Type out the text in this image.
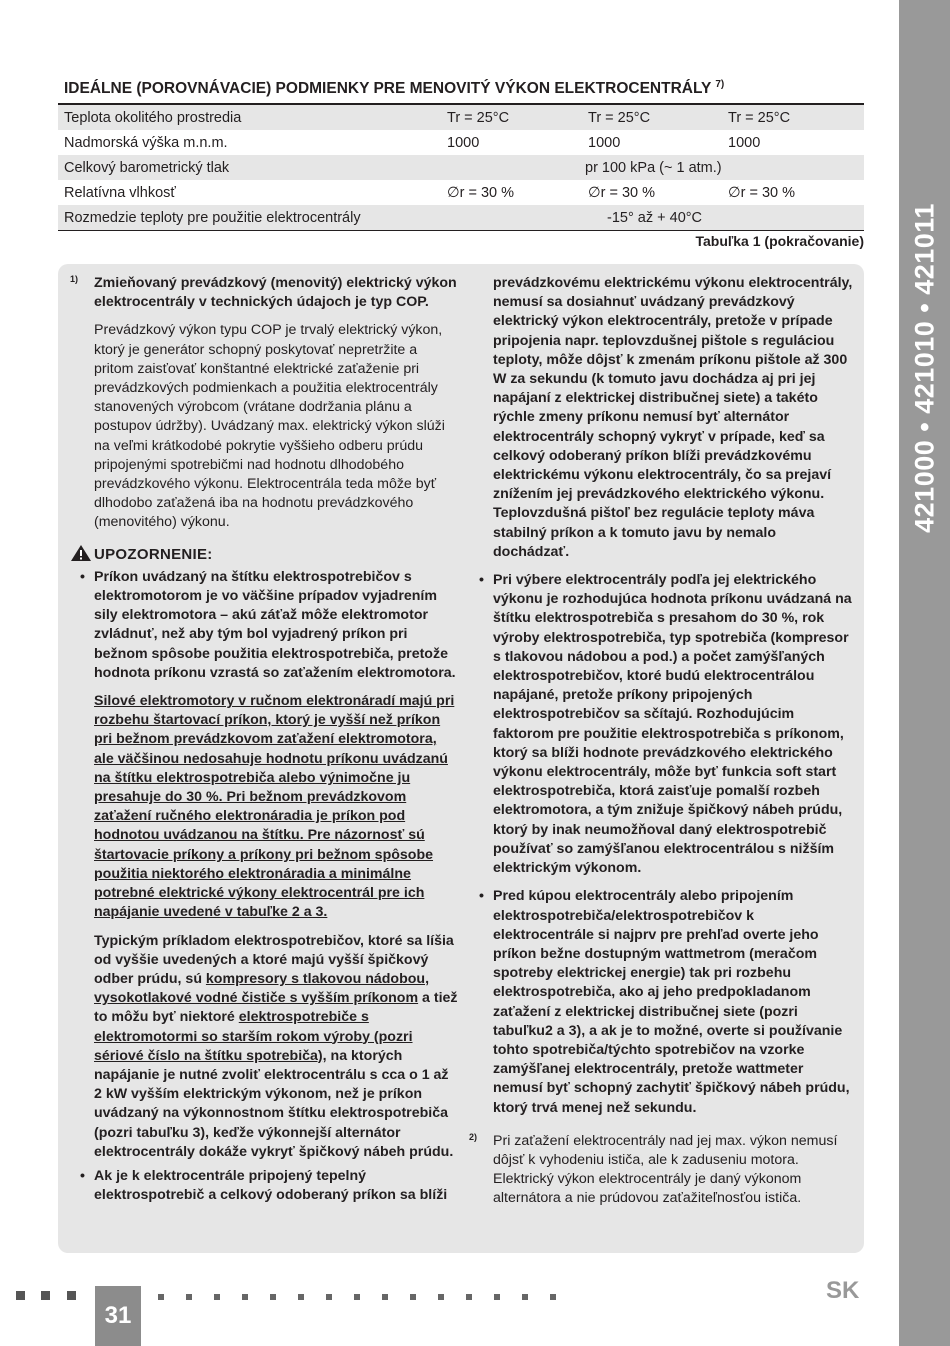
421000 • 421010 • 421011
IDEÁLNE (POROVNÁVACIE) PODMIENKY PRE MENOVITÝ VÝKON ELEKTROCENTRÁLY $^{7)}$
Teplota okolitého prostredia	Tr = 25°C	Tr = 25°C	Tr = 25°C
Nadmorská výška m.n.m.	1000	1000	1000
Celkový barometrický tlak	pr 100 kPa (~ 1 atm.)
Relatívna vlhkosť	∅r = 30 %	∅r = 30 %	∅r = 30 %
Rozmedzie teploty pre použitie elektrocentrály	-15° až + 40°C
Tabuľka 1 (pokračovanie)
1) Zmieňovaný prevádzkový (menovitý) elektrický výkon elektrocentrály v technických údajoch je typ COP.

Prevádzkový výkon typu COP je trvalý elektrický výkon, ktorý je generátor schopný poskytovať nepretržite a pritom zaisťovať konštantné elektrické zaťaženie pri prevádzkových podmienkach a použitia elektrocentrály stanovených výrobcom (vrátane dodržania plánu a postupov údržby). Uvádzaný max. elektrický výkon slúži na veľmi krátkodobé pokrytie vyššieho odberu prúdu pripojenými spotrebičmi nad hodnotu dlhodobého prevádzkového výkonu. Elektrocentrála teda môže byť dlhodobo zaťažená iba na hodnotu prevádzkového (menovitého) výkonu.

UPOZORNENIE:

• Príkon uvádzaný na štítku elektrospotrebičov s elektromotorom je vo väčšine prípadov vyjadrením sily elektromotora – akú záťaž môže elektromotor zvládnuť, než aby tým bol vyjadrený príkon pri bežnom spôsobe použitia elektrospotrebiča, pretože hodnota príkonu vzrastá so zaťažením elektromotora.

Silové elektromotory v ručnom elektronáradí majú pri rozbehu štartovací príkon, ktorý je vyšší než príkon pri bežnom prevádzkovom zaťažení elektromotora, ale väčšinou nedosahuje hodnotu príkonu uvádzanú na štítku elektrospotrebiča alebo výnimočne ju presahuje do 30 %. Pri bežnom prevádzkovom zaťažení ručného elektronáradia je príkon pod hodnotou uvádzanou na štítku. Pre názornosť sú štartovacie príkony a príkony pri bežnom spôsobe použitia niektorého elektronáradia a minimálne potrebné elektrické výkony elektrocentrál pre ich napájanie uvedené v tabuľke 2 a 3.

Typickým príkladom elektrospotrebičov, ktoré sa líšia od vyššie uvedených a ktoré majú vyšší špičkový odber prúdu, sú kompresory s tlakovou nádobou, vysokotlakové vodné čističe s vyšším príkonom a tiež to môžu byť niektoré elektrospotrebiče s elektromotormi so starším rokom výroby (pozri sériové číslo na štítku spotrebiča), na ktorých napájanie je nutné zvoliť elektrocentrálu s cca o 1 až 2 kW vyšším elektrickým výkonom, než je príkon uvádzaný na výkonnostnom štítku elektrospotrebiča (pozri tabuľku 3), keďže výkonnejší alternátor elektrocentrály dokáže vykryť špičkový nábeh prúdu.

• Ak je k elektrocentrále pripojený tepelný elektrospotrebič a celkový odoberaný príkon sa blíži

prevádzkovému elektrickému výkonu elektrocentrály, nemusí sa dosiahnuť uvádzaný prevádzkový elektrický výkon elektrocentrály, pretože v prípade pripojenia napr. teplovzdušnej pištole s reguláciou teploty, môže dôjsť k zmenám príkonu pištole až 300 W za sekundu (k tomuto javu dochádza aj pri jej napájaní z elektrickej distribučnej siete) a takéto rýchle zmeny príkonu nemusí byť alternátor elektrocentrály schopný vykryť v prípade, keď sa celkový odoberaný príkon blíži prevádzkovému elektrickému výkonu elektrocentrály, čo sa prejaví znížením jej prevádzkového elektrického výkonu. Teplovzdušná pištoľ bez regulácie teploty máva stabilný príkon a k tomuto javu by nemalo dochádzať.

• Pri výbere elektrocentrály podľa jej elektrického výkonu je rozhodujúca hodnota príkonu uvádzaná na štítku elektrospotrebiča s presahom do 30 %, rok výroby elektrospotrebiča, typ spotrebiča (kompresor s tlakovou nádobou a pod.) a počet zamýšľaných elektrospotrebičov, ktoré budú elektrocentrálou napájané, pretože príkony pripojených elektrospotrebičov sa sčítajú. Rozhodujúcim faktorom pre použitie elektrospotrebiča s príkonom, ktorý sa blíži hodnote prevádzkového elektrického výkonu elektrocentrály, môže byť funkcia soft start elektrospotrebiča, ktorá zaisťuje pomalší rozbeh elektromotora, a tým znižuje špičkový nábeh prúdu, ktorý by inak neumožňoval daný elektrospotrebič používať so zamýšľanou elektrocentrálou s nižším elektrickým výkonom.

• Pred kúpou elektrocentrály alebo pripojením elektrospotrebiča/elektrospotrebičov k elektrocentrále si najprv pre prehľad overte jeho príkon bežne dostupným wattmetrom (meračom spotreby elektrickej energie) tak pri rozbehu elektrospotrebiča, ako aj jeho predpokladanom zaťažení z elektrickej distribučnej siete (pozri tabuľku2 a 3), a ak je to možné, overte si používanie tohto spotrebiča/týchto spotrebičov na vzorke zamýšľanej elektrocentrály, pretože wattmeter nemusí byť schopný zachytiť špičkový nábeh prúdu, ktorý trvá menej než sekundu.

2) Pri zaťažení elektrocentrály nad jej max. výkon nemusí dôjsť k vyhodeniu ističa, ale k zaduseniu motora. Elektrický výkon elektrocentrály je daný výkonom alternátora a nie prúdovou zaťažiteľnosťou ističa.

31
SK
